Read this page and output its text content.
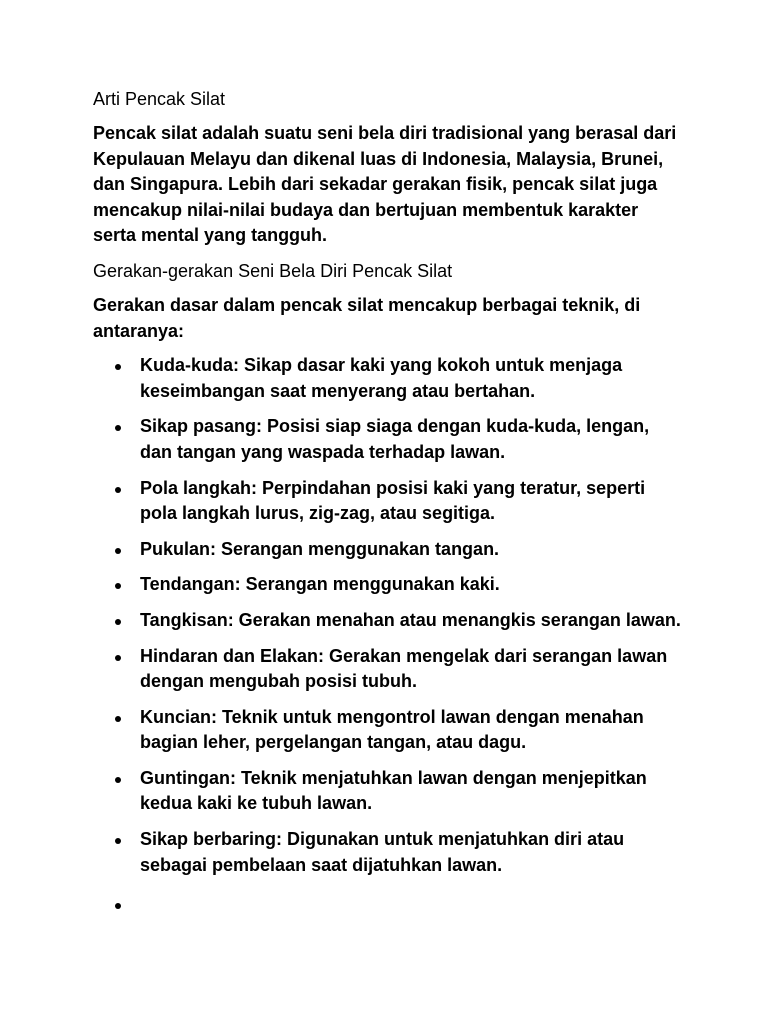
Arti Pencak Silat
Pencak silat adalah suatu seni bela diri tradisional yang berasal dari Kepulauan Melayu dan dikenal luas di Indonesia, Malaysia, Brunei, dan Singapura. Lebih dari sekadar gerakan fisik, pencak silat juga mencakup nilai-nilai budaya dan bertujuan membentuk karakter serta mental yang tangguh.
Gerakan-gerakan Seni Bela Diri Pencak Silat
Gerakan dasar dalam pencak silat mencakup berbagai teknik, di antaranya:
Kuda-kuda: Sikap dasar kaki yang kokoh untuk menjaga keseimbangan saat menyerang atau bertahan.
Sikap pasang: Posisi siap siaga dengan kuda-kuda, lengan, dan tangan yang waspada terhadap lawan.
Pola langkah: Perpindahan posisi kaki yang teratur, seperti pola langkah lurus, zig-zag, atau segitiga.
Pukulan: Serangan menggunakan tangan.
Tendangan: Serangan menggunakan kaki.
Tangkisan: Gerakan menahan atau menangkis serangan lawan.
Hindaran dan Elakan: Gerakan mengelak dari serangan lawan dengan mengubah posisi tubuh.
Kuncian: Teknik untuk mengontrol lawan dengan menahan bagian leher, pergelangan tangan, atau dagu.
Guntingan: Teknik menjatuhkan lawan dengan menjepitkan kedua kaki ke tubuh lawan.
Sikap berbaring: Digunakan untuk menjatuhkan diri atau sebagai pembelaan saat dijatuhkan lawan.
